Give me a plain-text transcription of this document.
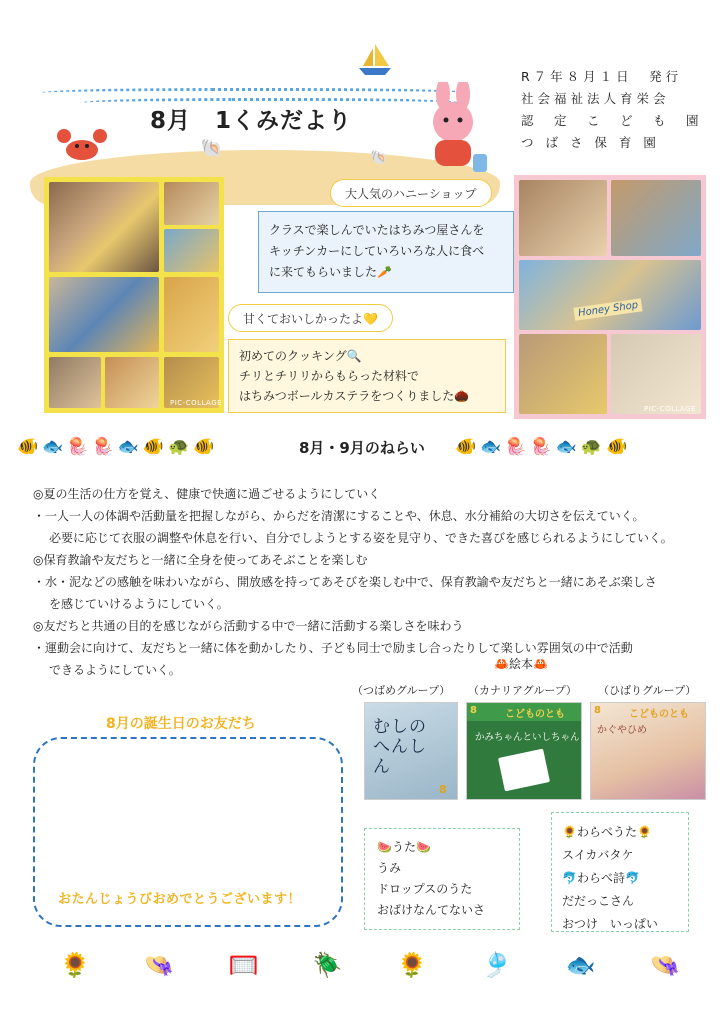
🐚	🐚
8月　1くみだより
R７年８月１日　発行
社会福祉法人育栄会
認　定　こ　ど　も　園
つ ば さ 保 育 園
PIC-COLLAGE
Honey Shop
PIC-COLLAGE
大人気のハニーショップ
クラスで楽しんでいたはちみつ屋さんを
キッチンカーにしていろいろな人に食べ
に来てもらいました🥕
甘くておいしかったよ💛
初めてのクッキング🔍
チリとチリリからもらった材料で
はちみつボールカステラをつくりました🌰
🐠 🐟 🪼 🪼 🐟 🐠 🐢 🐠	8月・9月のねらい 🐠 🐟 🪼 🪼 🐟 🐢 🐠
◎夏の生活の仕方を覚え、健康で快適に過ごせるようにしていく
・一人一人の体調や活動量を把握しながら、からだを清潔にすることや、休息、水分補給の大切さを伝えていく。
必要に応じて衣服の調整や休息を行い、自分でしようとする姿を見守り、できた喜びを感じられるようにしていく。
◎保育教諭や友だちと一緒に全身を使ってあそぶことを楽しむ
・水・泥などの感触を味わいながら、開放感を持ってあそびを楽しむ中で、保育教諭や友だちと一緒にあそぶ楽しさ
を感じていけるようにしていく。
◎友だちと共通の目的を感じながら活動する中で一緒に活動する楽しさを味わう
・運動会に向けて、友だちと一緒に体を動かしたり、子ども同士で励まし合ったりして楽しい雰囲気の中で活動
できるようにしていく。	🦀絵本🦀
（つばめグループ） （カナリアグループ） （ひばりグループ）
むしの へんしん
8
8	こどものとも
かみちゃんといしちゃん
8	こどものとも
かぐやひめ
8月の誕生日のお友だち
おたんじょうびおめでとうございます！
🍉うた🍉
うみ
ドロップスのうた
おばけなんてないさ
🌻わらべうた🌻
スイカバタケ
🐬わらべ詩🐬
だだっこさん
おつけ　いっぱい
🌻 👒 🥅 🪲 🌻 🎐 🐟 👒
